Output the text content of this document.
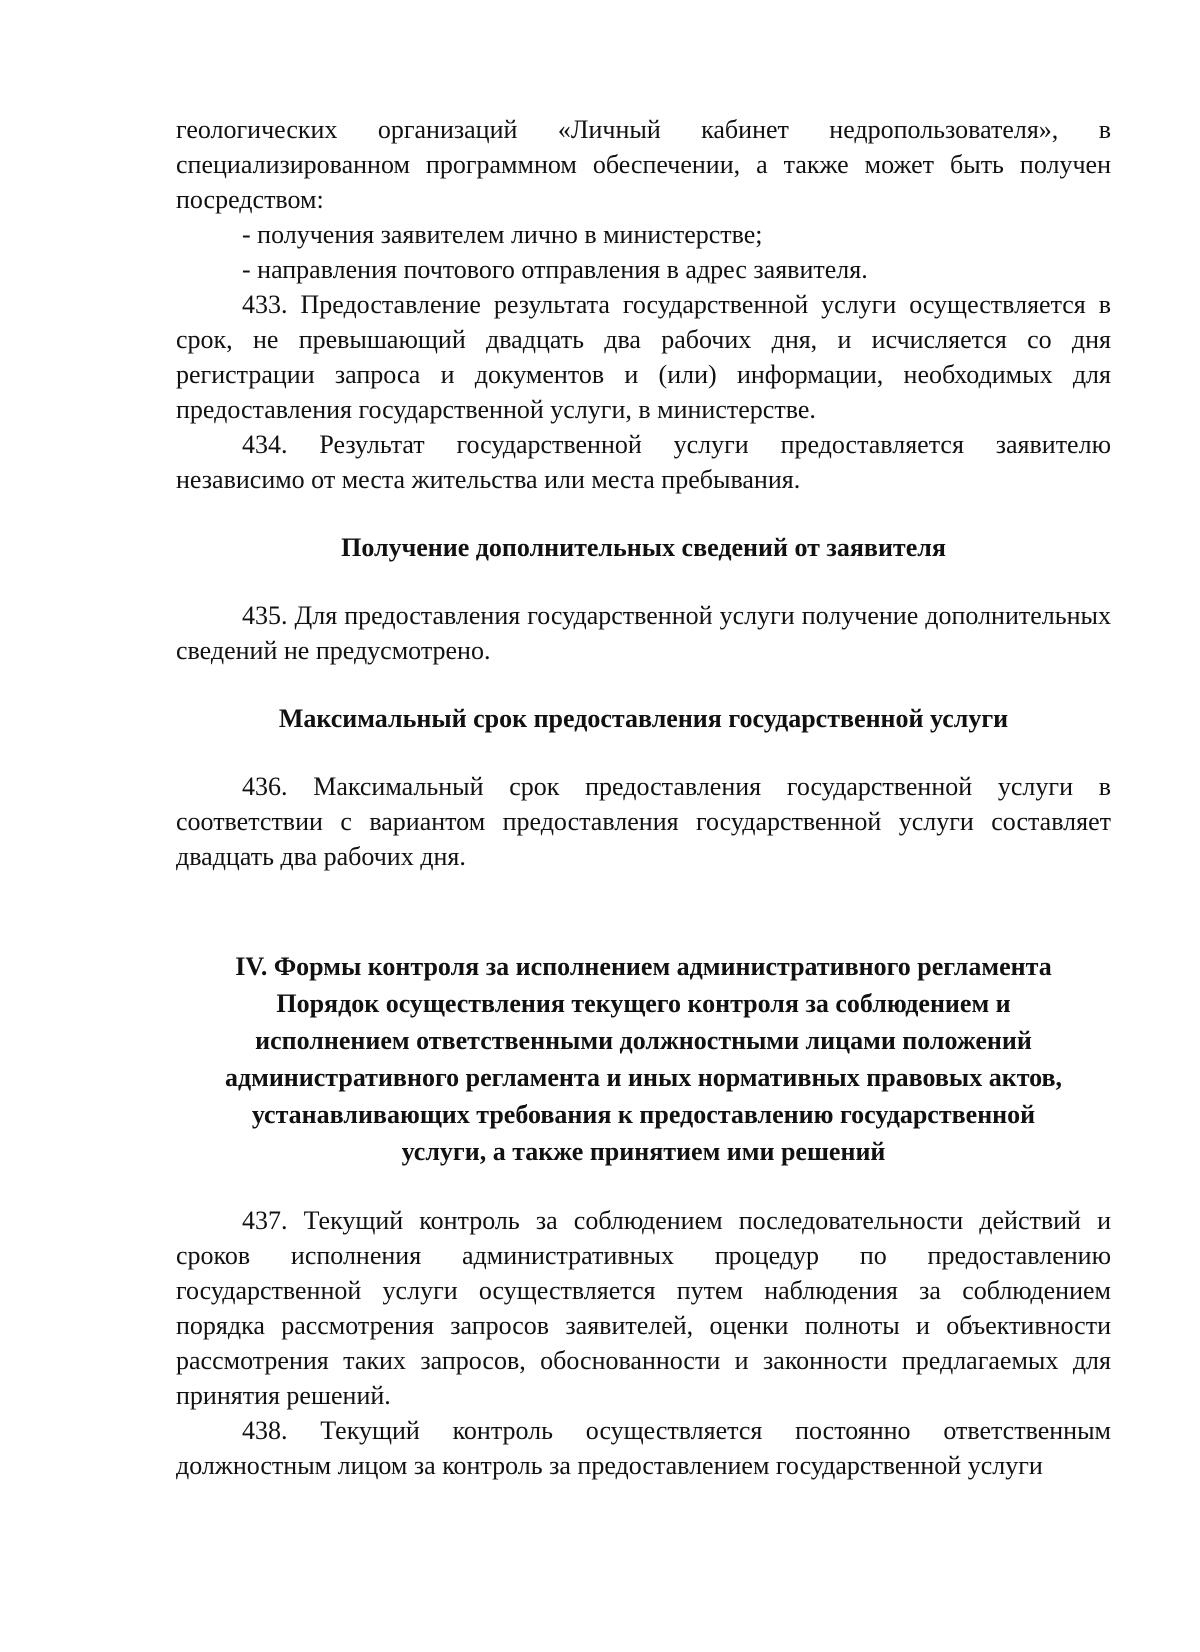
геологических организаций «Личный кабинет недропользователя», в специализированном программном обеспечении, а также может быть получен посредством:

- получения заявителем лично в министерстве;

- направления почтового отправления в адрес заявителя.

433. Предоставление результата государственной услуги осуществляется в срок, не превышающий двадцать два рабочих дня, и исчисляется со дня регистрации запроса и документов и (или) информации, необходимых для предоставления государственной услуги, в министерстве.

434. Результат государственной услуги предоставляется заявителю независимо от места жительства или места пребывания.

Получение дополнительных сведений от заявителя

435. Для предоставления государственной услуги получение дополнительных сведений не предусмотрено.

Максимальный срок предоставления государственной услуги

436. Максимальный срок предоставления государственной услуги в соответствии с вариантом предоставления государственной услуги составляет двадцать два рабочих дня.

IV. Формы контроля за исполнением административного регламента

Порядок осуществления текущего контроля за соблюдением и

исполнением ответственными должностными лицами положений

административного регламента и иных нормативных правовых актов,

устанавливающих требования к предоставлению государственной

услуги, а также принятием ими решений

437. Текущий контроль за соблюдением последовательности действий и сроков исполнения административных процедур по предоставлению государственной услуги осуществляется путем наблюдения за соблюдением порядка рассмотрения запросов заявителей, оценки полноты и объективности рассмотрения таких запросов, обоснованности и законности предлагаемых для принятия решений.

438. Текущий контроль осуществляется постоянно ответственным должностным лицом за контроль за предоставлением государственной услуги
